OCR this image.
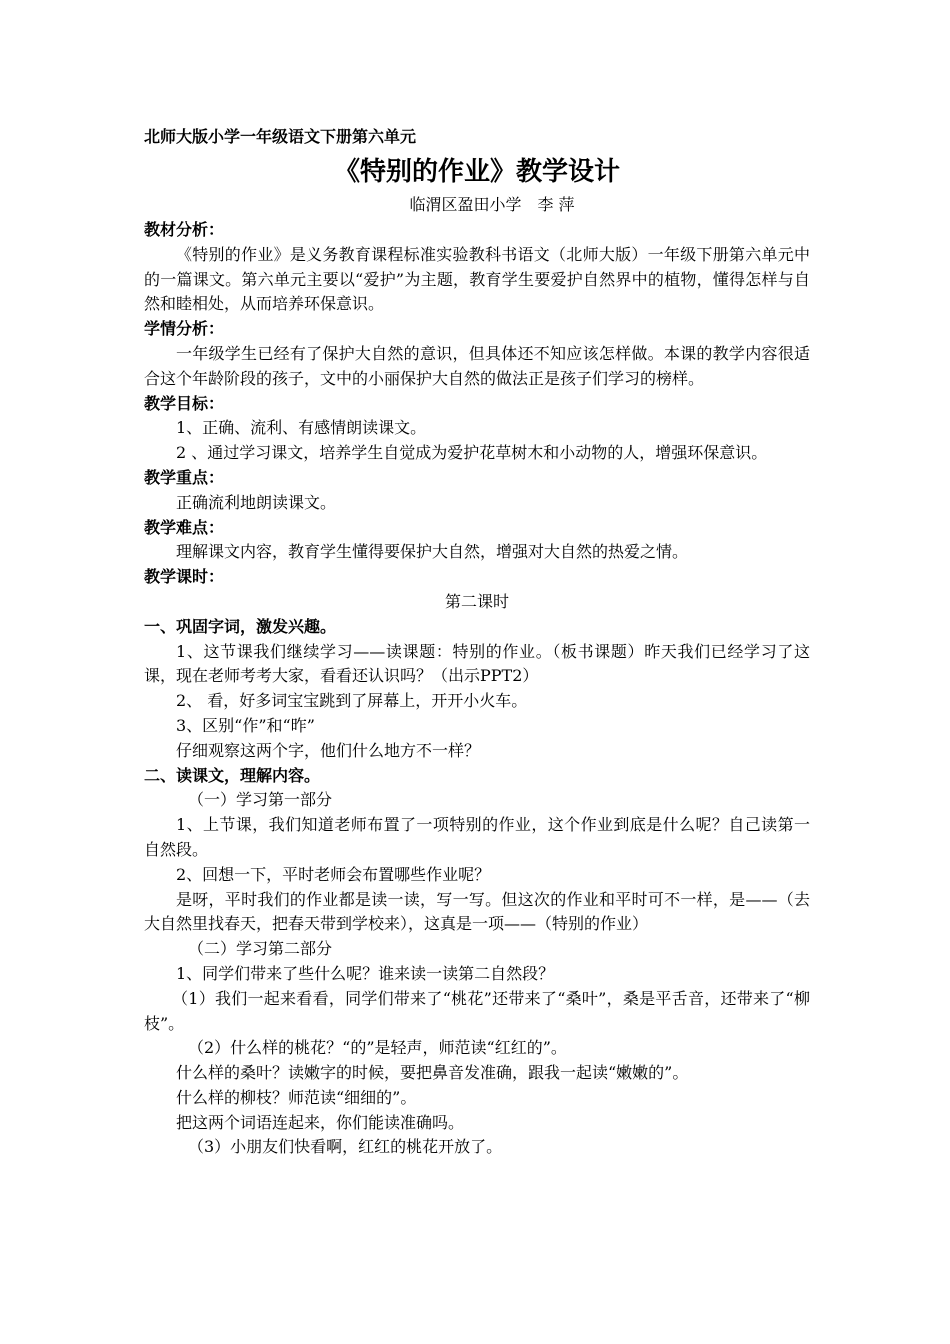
北师大版小学一年级语文下册第六单元
《特别的作业》教学设计
临渭区盈田小学　李 萍
教材分析：

《特别的作业》是义务教育课程标准实验教科书语文（北师大版）一年级下册第六单元中的一篇课文。第六单元主要以“爱护”为主题，教育学生要爱护自然界中的植物，懂得怎样与自然和睦相处，从而培养环保意识。

学情分析：

一年级学生已经有了保护大自然的意识，但具体还不知应该怎样做。本课的教学内容很适合这个年龄阶段的孩子，文中的小丽保护大自然的做法正是孩子们学习的榜样。

教学目标：
1、正确、流利、有感情朗读课文。

2 、通过学习课文，培养学生自觉成为爱护花草树木和小动物的人，增强环保意识。

教学重点：
正确流利地朗读课文。
教学难点：
理解课文内容，教育学生懂得要保护大自然，增强对大自然的热爱之情。
教学课时：
第二课时
一、巩固字词，激发兴趣。

1、这节课我们继续学习——读课题：特别的作业。（板书课题）昨天我们已经学习了这课，现在老师考考大家，看看还认识吗？（出示PPT2）

2、 看，好多词宝宝跳到了屏幕上，开开小火车。
3、区别“作”和“昨”
仔细观察这两个字，他们什么地方不一样？
二、读课文，理解内容。
（一）学习第一部分

1、上节课，我们知道老师布置了一项特别的作业，这个作业到底是什么呢？自己读第一自然段。

2、回想一下，平时老师会布置哪些作业呢？

是呀，平时我们的作业都是读一读，写一写。但这次的作业和平时可不一样，是——（去大自然里找春天，把春天带到学校来），这真是一项——（特别的作业）

（二）学习第二部分
1、同学们带来了些什么呢？谁来读一读第二自然段？

（1）我们一起来看看，同学们带来了“桃花”还带来了“桑叶”，桑是平舌音，还带来了“柳枝”。

（2）什么样的桃花？“的”是轻声，师范读“红红的”。
什么样的桑叶？读嫩字的时候，要把鼻音发准确，跟我一起读“嫩嫩的”。
什么样的柳枝？师范读“细细的”。
把这两个词语连起来，你们能读准确吗。
（3）小朋友们快看啊，红红的桃花开放了。
